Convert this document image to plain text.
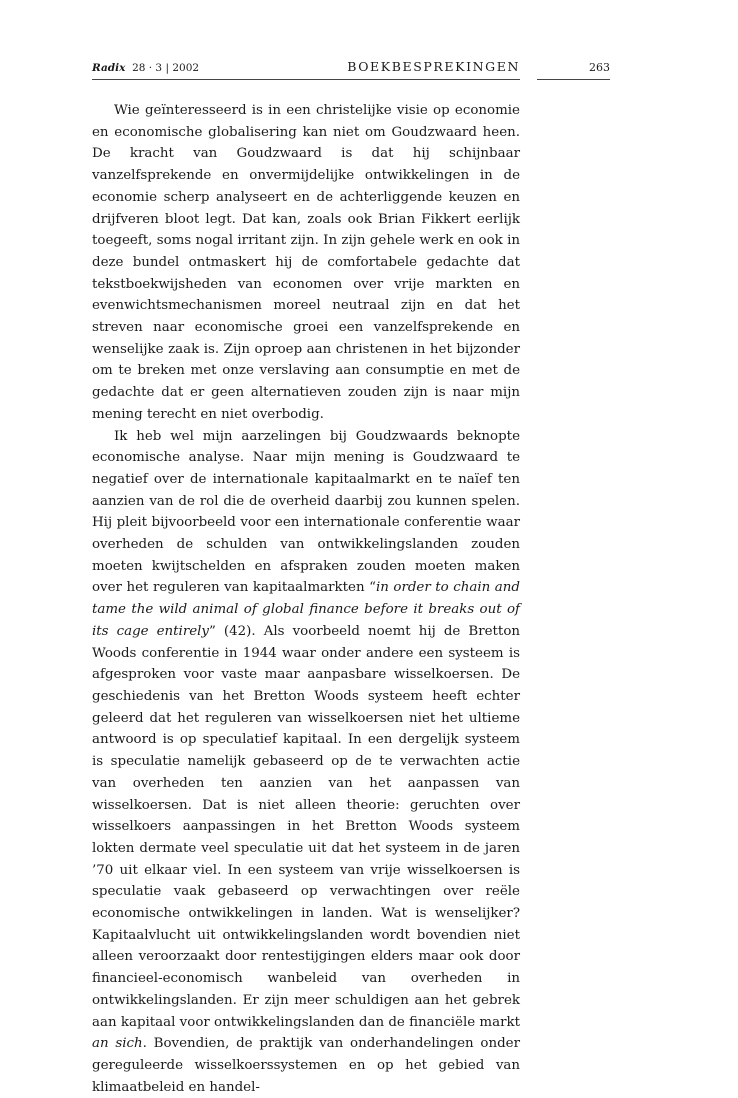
Radix 28 · 3 | 2002	BOEKBESPREKINGEN	263

Wie geïnteresseerd is in een christelijke visie op economie en economische globalisering kan niet om Goudzwaard heen. De kracht van Goudzwaard is dat hij schijnbaar vanzelfsprekende en onvermijdelijke ontwikkelingen in de economie scherp analyseert en de achterliggende keuzen en drijfveren bloot legt. Dat kan, zoals ook Brian Fikkert eerlijk toegeeft, soms nogal irritant zijn. In zijn gehele werk en ook in deze bundel ontmaskert hij de comfortabele gedachte dat tekstboekwijsheden van economen over vrije markten en evenwichtsmechanismen moreel neutraal zijn en dat het streven naar economische groei een vanzelfsprekende en wenselijke zaak is. Zijn oproep aan christenen in het bijzonder om te breken met onze verslaving aan consumptie en met de gedachte dat er geen alternatieven zouden zijn is naar mijn mening terecht en niet overbodig.

Ik heb wel mijn aarzelingen bij Goudzwaards beknopte economische analyse. Naar mijn mening is Goudzwaard te negatief over de internationale kapitaalmarkt en te naïef ten aanzien van de rol die de overheid daarbij zou kunnen spelen. Hij pleit bijvoorbeeld voor een internationale conferentie waar overheden de schulden van ontwikkelingslanden zouden moeten kwijtschelden en afspraken zouden moeten maken over het reguleren van kapitaalmarkten “in order to chain and tame the wild animal of global finance before it breaks out of its cage entirely” (42). Als voorbeeld noemt hij de Bretton Woods conferentie in 1944 waar onder andere een systeem is afgesproken voor vaste maar aanpasbare wisselkoersen. De geschiedenis van het Bretton Woods systeem heeft echter geleerd dat het reguleren van wisselkoersen niet het ultieme antwoord is op speculatief kapitaal. In een dergelijk systeem is speculatie namelijk gebaseerd op de te verwachten actie van overheden ten aanzien van het aanpassen van wisselkoersen. Dat is niet alleen theorie: geruchten over wisselkoers aanpassingen in het Bretton Woods systeem lokten dermate veel speculatie uit dat het systeem in de jaren ’70 uit elkaar viel. In een systeem van vrije wisselkoersen is speculatie vaak gebaseerd op verwachtingen over reële economische ontwikkelingen in landen. Wat is wenselijker? Kapitaalvlucht uit ontwikkelingslanden wordt bovendien niet alleen veroorzaakt door rentestijgingen elders maar ook door financieel-economisch wanbeleid van overheden in ontwikkelingslanden. Er zijn meer schuldigen aan het gebrek aan kapitaal voor ontwikkelingslanden dan de financiële markt an sich. Bovendien, de praktijk van onderhandelingen onder gereguleerde wisselkoerssystemen en op het gebied van klimaatbeleid en handel-
